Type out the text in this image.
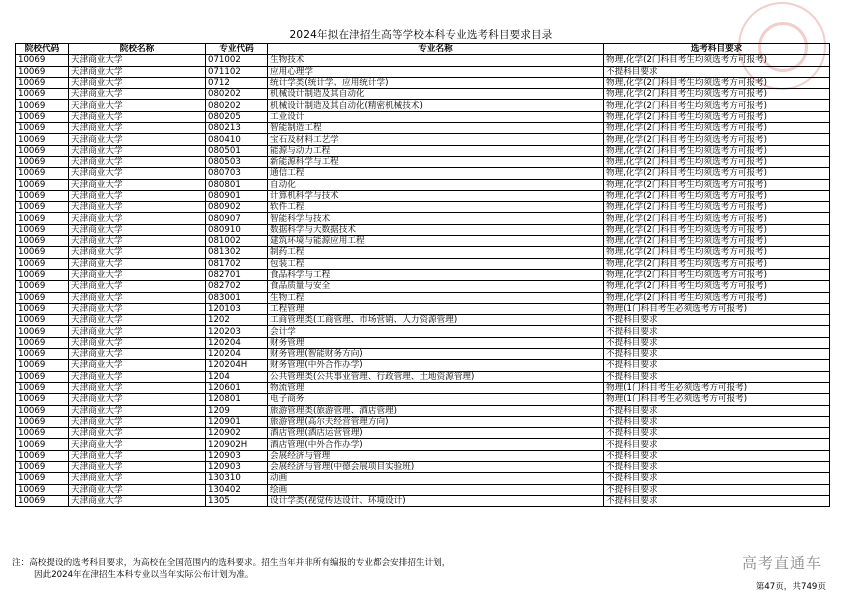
2024年拟在津招生高等学校本科专业选考科目要求目录
院校代码	院校名称	专业代码	专业名称	选考科目要求
10069	天津商业大学	071002	生物技术	物理,化学(2门科目考生均须选考方可报考)
10069	天津商业大学	071102	应用心理学	不提科目要求
10069	天津商业大学	0712	统计学类(统计学、应用统计学)	物理,化学(2门科目考生均须选考方可报考)
10069	天津商业大学	080202	机械设计制造及其自动化	物理,化学(2门科目考生均须选考方可报考)
10069	天津商业大学	080202	机械设计制造及其自动化(精密机械技术)	物理,化学(2门科目考生均须选考方可报考)
10069	天津商业大学	080205	工业设计	物理,化学(2门科目考生均须选考方可报考)
10069	天津商业大学	080213	智能制造工程	物理,化学(2门科目考生均须选考方可报考)
10069	天津商业大学	080410	宝石及材料工艺学	物理,化学(2门科目考生均须选考方可报考)
10069	天津商业大学	080501	能源与动力工程	物理,化学(2门科目考生均须选考方可报考)
10069	天津商业大学	080503	新能源科学与工程	物理,化学(2门科目考生均须选考方可报考)
10069	天津商业大学	080703	通信工程	物理,化学(2门科目考生均须选考方可报考)
10069	天津商业大学	080801	自动化	物理,化学(2门科目考生均须选考方可报考)
10069	天津商业大学	080901	计算机科学与技术	物理,化学(2门科目考生均须选考方可报考)
10069	天津商业大学	080902	软件工程	物理,化学(2门科目考生均须选考方可报考)
10069	天津商业大学	080907	智能科学与技术	物理,化学(2门科目考生均须选考方可报考)
10069	天津商业大学	080910	数据科学与大数据技术	物理,化学(2门科目考生均须选考方可报考)
10069	天津商业大学	081002	建筑环境与能源应用工程	物理,化学(2门科目考生均须选考方可报考)
10069	天津商业大学	081302	制药工程	物理,化学(2门科目考生均须选考方可报考)
10069	天津商业大学	081702	包装工程	物理,化学(2门科目考生均须选考方可报考)
10069	天津商业大学	082701	食品科学与工程	物理,化学(2门科目考生均须选考方可报考)
10069	天津商业大学	082702	食品质量与安全	物理,化学(2门科目考生均须选考方可报考)
10069	天津商业大学	083001	生物工程	物理,化学(2门科目考生均须选考方可报考)
10069	天津商业大学	120103	工程管理	物理(1门科目考生必须选考方可报考)
10069	天津商业大学	1202	工商管理类(工商管理、市场营销、人力资源管理)	不提科目要求
10069	天津商业大学	120203	会计学	不提科目要求
10069	天津商业大学	120204	财务管理	不提科目要求
10069	天津商业大学	120204	财务管理(智能财务方向)	不提科目要求
10069	天津商业大学	120204H	财务管理(中外合作办学)	不提科目要求
10069	天津商业大学	1204	公共管理类(公共事业管理、行政管理、土地资源管理)	不提科目要求
10069	天津商业大学	120601	物流管理	物理(1门科目考生必须选考方可报考)
10069	天津商业大学	120801	电子商务	物理(1门科目考生必须选考方可报考)
10069	天津商业大学	1209	旅游管理类(旅游管理、酒店管理)	不提科目要求
10069	天津商业大学	120901	旅游管理(高尔夫经营管理方向)	不提科目要求
10069	天津商业大学	120902	酒店管理(酒店运营管理)	不提科目要求
10069	天津商业大学	120902H	酒店管理(中外合作办学)	不提科目要求
10069	天津商业大学	120903	会展经济与管理	不提科目要求
10069	天津商业大学	120903	会展经济与管理(中德会展项目实验班)	不提科目要求
10069	天津商业大学	130310	动画	不提科目要求
10069	天津商业大学	130402	绘画	不提科目要求
10069	天津商业大学	1305	设计学类(视觉传达设计、环境设计)	不提科目要求
注：高校提设的选考科目要求，为高校在全国范围内的选科要求。招生当年并非所有编报的专业都会安排招生计划，
因此2024年在津招生本科专业以当年实际公布计划为准。
高考直通车
第47页，共749页
